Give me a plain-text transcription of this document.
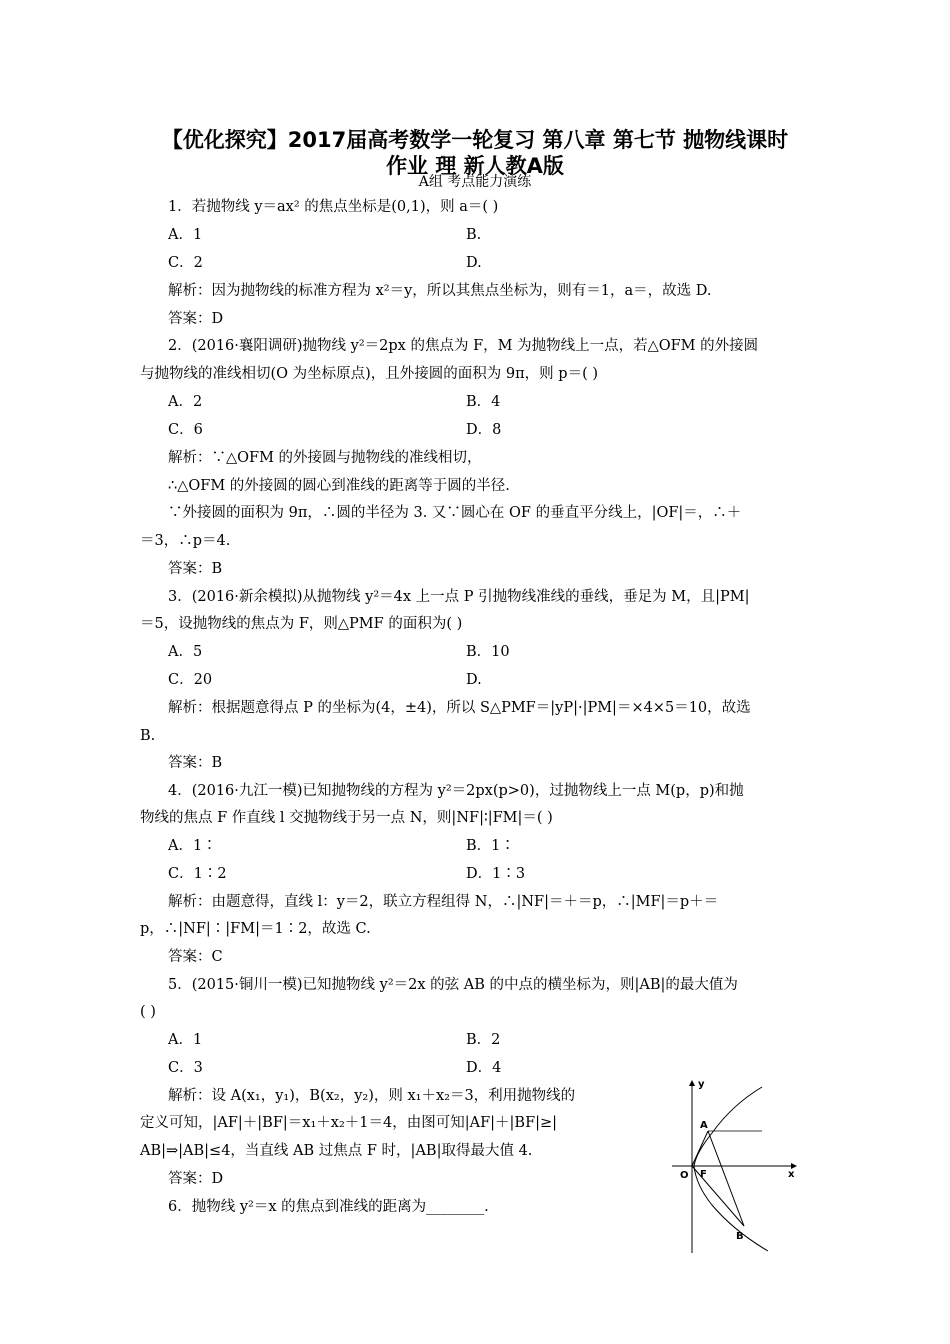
【优化探究】2017届高考数学一轮复习 第八章 第七节 抛物线课时
作业 理 新人教A版
A组 考点能力演练
1．若抛物线 y＝ax² 的焦点坐标是(0,1)，则 a＝( )
A．1	B.
C．2	D.
解析：因为抛物线的标准方程为 x²＝y，所以其焦点坐标为，则有＝1，a＝，故选 D.
答案：D
2．(2016·襄阳调研)抛物线 y²＝2px 的焦点为 F，M 为抛物线上一点，若△OFM 的外接圆
与抛物线的准线相切(O 为坐标原点)，且外接圆的面积为 9π，则 p＝( )
A．2	B．4
C．6	D．8
解析：∵△OFM 的外接圆与抛物线的准线相切，
∴△OFM 的外接圆的圆心到准线的距离等于圆的半径.
∵外接圆的面积为 9π，∴圆的半径为 3. 又∵圆心在 OF 的垂直平分线上，|OF|＝，∴＋
＝3，∴p＝4.
答案：B
3．(2016·新余模拟)从抛物线 y²＝4x 上一点 P 引抛物线准线的垂线，垂足为 M，且|PM|
＝5，设抛物线的焦点为 F，则△PMF 的面积为( )
A．5	B．10
C．20	D.
解析：根据题意得点 P 的坐标为(4，±4)，所以 S△PMF＝|yP|·|PM|＝×4×5＝10，故选
B.
答案：B
4．(2016·九江一模)已知抛物线的方程为 y²＝2px(p>0)，过抛物线上一点 M(p，p)和抛
物线的焦点 F 作直线 l 交抛物线于另一点 N，则|NF|∶|FM|＝( )
A．1∶	B．1∶
C．1∶2	D．1∶3
解析：由题意得，直线 l：y＝2，联立方程组得 N，∴|NF|＝＋＝p，∴|MF|＝p＋＝
p，∴|NF|∶|FM|＝1∶2，故选 C.
答案：C
5．(2015·铜川一模)已知抛物线 y²＝2x 的弦 AB 的中点的横坐标为，则|AB|的最大值为
( )
A．1	B．2
C．3	D．4
解析：设 A(x₁，y₁)，B(x₂，y₂)，则 x₁＋x₂＝3，利用抛物线的
定义可知，|AF|＋|BF|＝x₁＋x₂＋1＝4，由图可知|AF|＋|BF|≥|
AB|⇒|AB|≤4，当直线 AB 过焦点 F 时，|AB|取得最大值 4.
答案：D
6．抛物线 y²＝x 的焦点到准线的距离为________.
y
x
O F
A
B
